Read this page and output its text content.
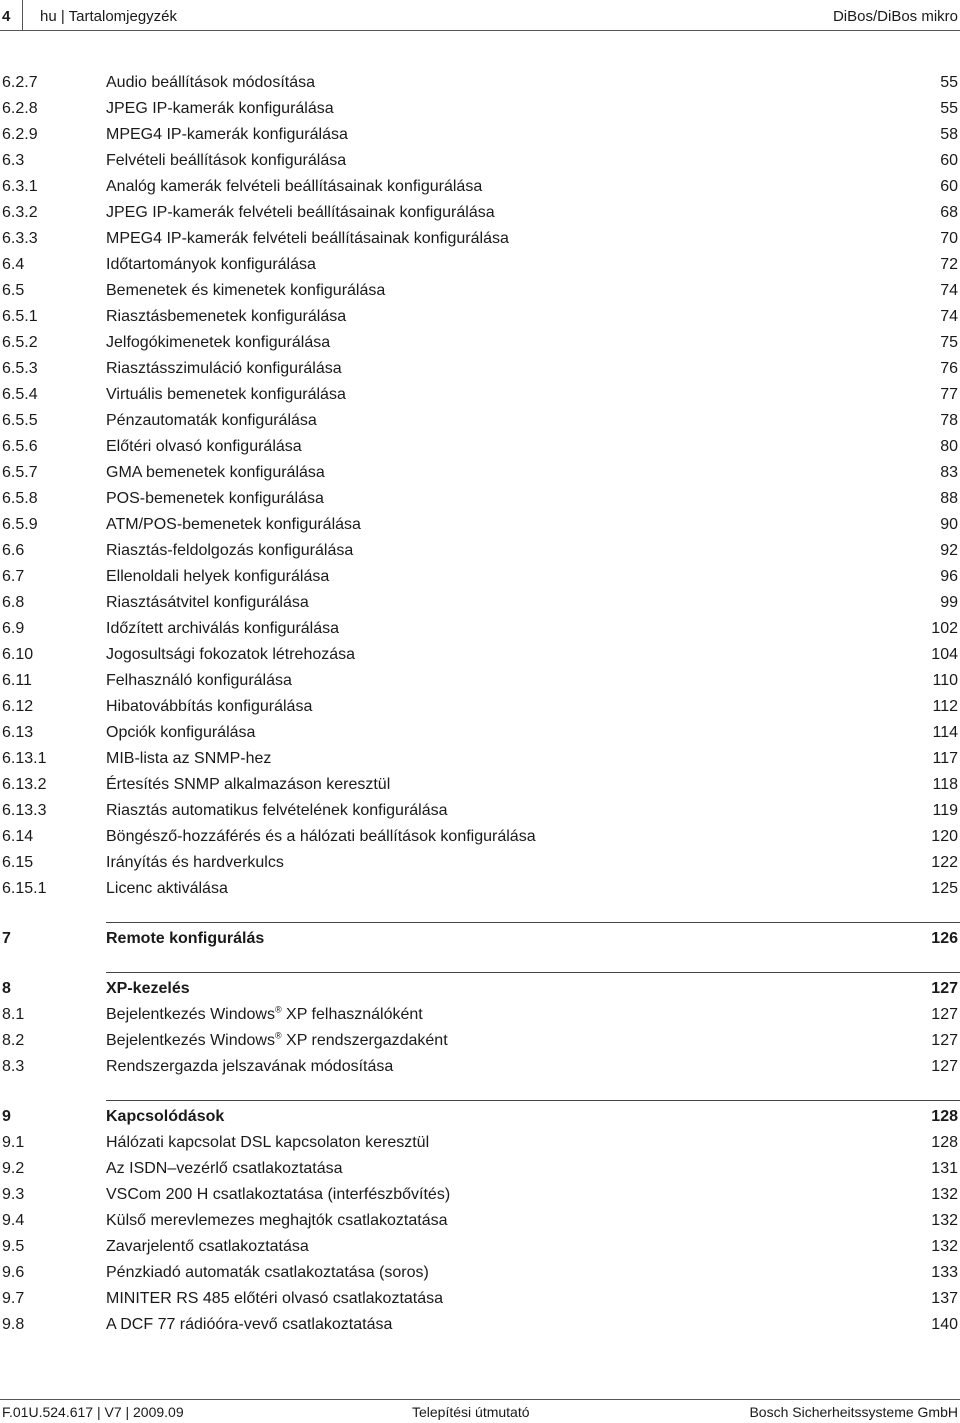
4 hu | Tartalomjegyzék	DiBos/DiBos mikro
6.2.7	Audio beállítások módosítása	55
6.2.8	JPEG IP-kamerák konfigurálása	55
6.2.9	MPEG4 IP-kamerák konfigurálása	58
6.3	Felvételi beállítások konfigurálása	60
6.3.1	Analóg kamerák felvételi beállításainak konfigurálása	60
6.3.2	JPEG IP-kamerák felvételi beállításainak konfigurálása	68
6.3.3	MPEG4 IP-kamerák felvételi beállításainak konfigurálása	70
6.4	Időtartományok konfigurálása	72
6.5	Bemenetek és kimenetek konfigurálása	74
6.5.1	Riasztásbemenetek konfigurálása	74
6.5.2	Jelfogókimenetek konfigurálása	75
6.5.3	Riasztásszimuláció konfigurálása	76
6.5.4	Virtuális bemenetek konfigurálása	77
6.5.5	Pénzautomaták konfigurálása	78
6.5.6	Előtéri olvasó konfigurálása	80
6.5.7	GMA bemenetek konfigurálása	83
6.5.8	POS-bemenetek konfigurálása	88
6.5.9	ATM/POS-bemenetek konfigurálása	90
6.6	Riasztás-feldolgozás konfigurálása	92
6.7	Ellenoldali helyek konfigurálása	96
6.8	Riasztásátvitel konfigurálása	99
6.9	Időzített archiválás konfigurálása	102
6.10	Jogosultsági fokozatok létrehozása	104
6.11	Felhasználó konfigurálása	110
6.12	Hibatovábbítás konfigurálása	112
6.13	Opciók konfigurálása	114
6.13.1	MIB-lista az SNMP-hez	117
6.13.2	Értesítés SNMP alkalmazáson keresztül	118
6.13.3	Riasztás automatikus felvételének konfigurálása	119
6.14	Böngésző-hozzáférés és a hálózati beállítások konfigurálása	120
6.15	Irányítás és hardverkulcs	122
6.15.1	Licenc aktiválása	125
7	Remote konfigurálás	126
8	XP-kezelés	127
8.1	Bejelentkezés Windows® XP felhasználóként	127
8.2	Bejelentkezés Windows® XP rendszergazdaként	127
8.3	Rendszergazda jelszavának módosítása	127
9	Kapcsolódások	128
9.1	Hálózati kapcsolat DSL kapcsolaton keresztül	128
9.2	Az ISDN–vezérlő csatlakoztatása	131
9.3	VSCom 200 H csatlakoztatása (interfészbővítés)	132
9.4	Külső merevlemezes meghajtók csatlakoztatása	132
9.5	Zavarjelentő csatlakoztatása	132
9.6	Pénzkiadó automaták csatlakoztatása (soros)	133
9.7	MINITER RS 485 előtéri olvasó csatlakoztatása	137
9.8	A DCF 77 rádióóra-vevő csatlakoztatása	140
F.01U.524.617 | V7 | 2009.09	Telepítési útmutató	Bosch Sicherheitssysteme GmbH
